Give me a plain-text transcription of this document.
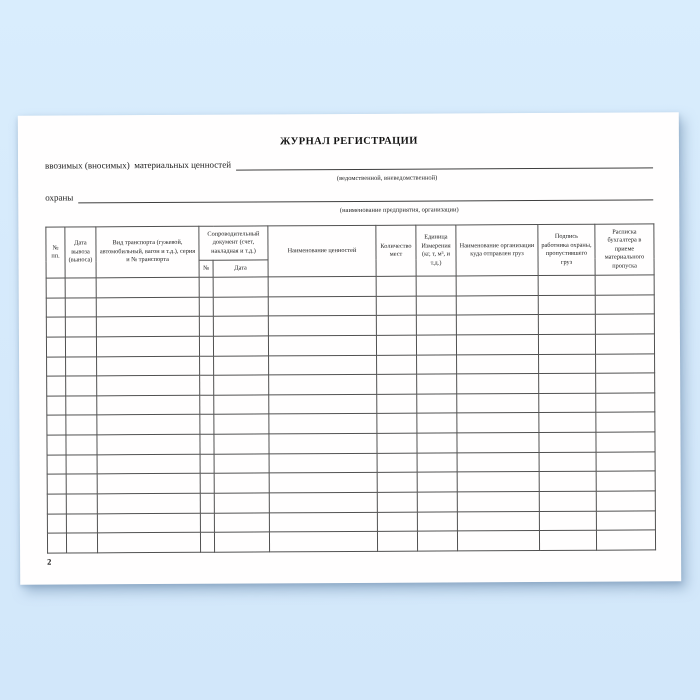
ЖУРНАЛ РЕГИСТРАЦИИ
ввозимых (вносимых)  материальных ценностей
(ведомственной, вневедомственной)
охраны
(наименование предприятия, организации)
№ пп.	Дата вывоза (выноса)	Вид транспорта (гужевой, автомобильный, вагон и т.д.), серия и № транспорта	Сопроводительный документ (счет, накладная и т.д.)		Наименование ценностей	Количество мест	Единица Измерения (кг, т, м³, и т.д.)	Наименование организации куда отправлен груз	Подпись работника охраны, пропустившего груз	Расписка бухгалтера в приеме материального пропуска
			№	Дата						

2
